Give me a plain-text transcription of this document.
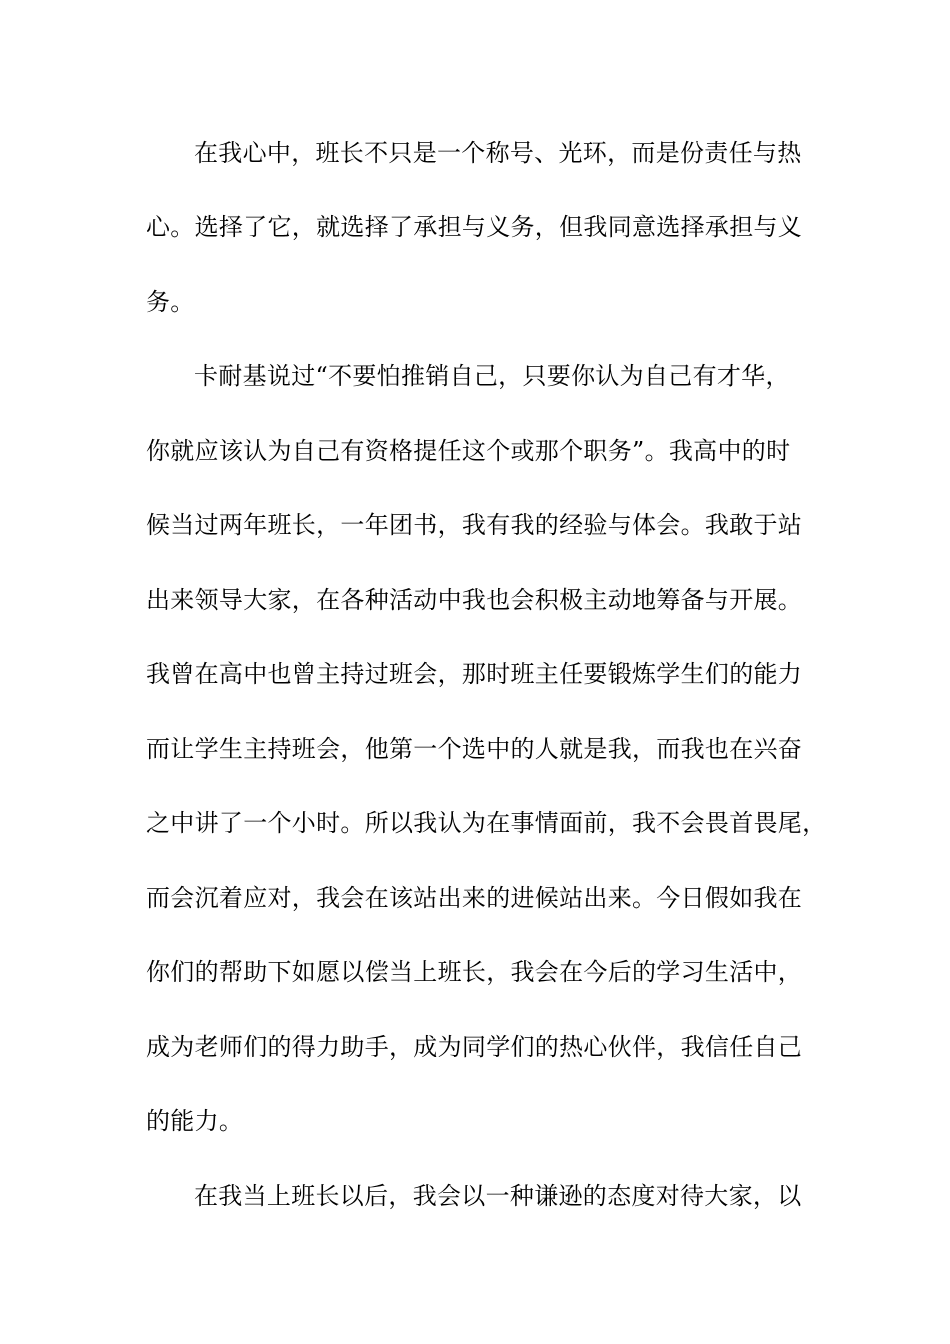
在我心中，班长不只是一个称号、光环，而是份责任与热
心。选择了它，就选择了承担与义务，但我同意选择承担与义
务。
卡耐基说过“不要怕推销自己，只要你认为自己有才华，
你就应该认为自己有资格提任这个或那个职务”。我高中的时
候当过两年班长，一年团书，我有我的经验与体会。我敢于站
出来领导大家，在各种活动中我也会积极主动地筹备与开展。
我曾在高中也曾主持过班会，那时班主任要锻炼学生们的能力
而让学生主持班会，他第一个选中的人就是我，而我也在兴奋
之中讲了一个小时。所以我认为在事情面前，我不会畏首畏尾，
而会沉着应对，我会在该站出来的进候站出来。今日假如我在
你们的帮助下如愿以偿当上班长，我会在今后的学习生活中，
成为老师们的得力助手，成为同学们的热心伙伴，我信任自己
的能力。
在我当上班长以后，我会以一种谦逊的态度对待大家，以
